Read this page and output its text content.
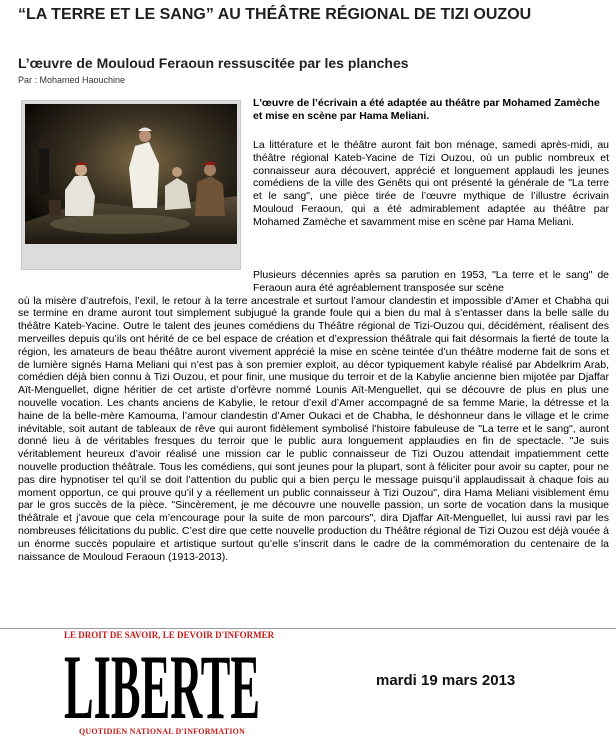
“LA TERRE ET LE SANG” AU THÉÂTRE RÉGIONAL DE TIZI OUZOU
L’œuvre de Mouloud Feraoun ressuscitée par les planches
Par : Mohamed Haouchine

L'œuvre de l’écrivain a été adaptée au théâtre par Mohamed Zamèche et mise en scène par Hama Meliani.

La littérature et le théâtre auront fait bon ménage, samedi après-midi, au théâtre régional Kateb-Yacine de Tizi Ouzou, où un public nombreux et connaisseur aura découvert, apprécié et longuement applaudi les jeunes comédiens de la ville des Genêts qui ont présenté la générale de "La terre et le sang", une pièce tirée de l’œuvre mythique de l’illustre écrivain Mouloud Feraoun, qui a été admirablement adaptée au théâtre par Mohamed Zamèche et savamment mise en scène par Hama Meliani.

Plusieurs décennies après sa parution en 1953, "La terre et le sang" de Feraoun aura été agréablement transposée sur scène
où la misère d’autrefois, l’exil, le retour à la terre ancestrale et surtout l’amour clandestin et impossible d’Amer et Chabha qui se termine en drame auront tout simplement subjugué la grande foule qui a bien du mal à s’entasser dans la belle salle du théâtre Kateb-Yacine. Outre le talent des jeunes comédiens du Théâtre régional de Tizi-Ouzou qui, décidément, réalisent des merveilles depuis qu’ils ont hérité de ce bel espace de création et d’expression théâtrale qui fait désormais la fierté de toute la région, les amateurs de beau théâtre auront vivement apprécié la mise en scène teintée d’un théâtre moderne fait de sons et de lumière signés Hama Meliani qui n’est pas à son premier exploit, au décor typiquement kabyle réalisé par Abdelkrim Arab, comédien déjà bien connu à Tizi Ouzou, et pour finir, une musique du terroir et de la Kabylie ancienne bien mijotée par Djaffar Aït-Menguellet, digne héritier de cet artiste d’orfèvre nommé Lounis Aït-Menguellet, qui se découvre de plus en plus une nouvelle vocation. Les chants anciens de Kabylie, le retour d’exil d’Amer accompagné de sa femme Marie, la détresse et la haine de la belle-mère Kamouma, l’amour clandestin d’Amer Oukaci et de Chabha, le déshonneur dans le village et le crime inévitable, soit autant de tableaux de rêve qui auront fidèlement symbolisé l’histoire fabuleuse de "La terre et le sang", auront donné lieu à de véritables fresques du terroir que le public aura longuement applaudies en fin de spectacle. "Je suis véritablement heureux d’avoir réalisé une mission car le public connaisseur de Tizi Ouzou attendait impatiemment cette nouvelle production théâtrale. Tous les comédiens, qui sont jeunes pour la plupart, sont à féliciter pour avoir su capter, pour ne pas dire hypnotiser tel qu’il se doit l’attention du public qui a bien perçu le message puisqu’il applaudissait à chaque fois au moment opportun, ce qui prouve qu’il y a réellement un public connaisseur à Tizi Ouzou", dira Hama Meliani visiblement ému par le gros succès de la pièce. "Sincèrement, je me découvre une nouvelle passion, un sorte de vocation dans la musique théâtrale et j’avoue que cela m’encourage pour la suite de mon parcours", dira Djaffar Aït-Menguellet, lui aussi ravi par les nombreuses félicitations du public. C’est dire que cette nouvelle production du Théâtre régional de Tizi Ouzou est déjà vouée à un énorme succès populaire et artistique surtout qu’elle s’inscrit dans le cadre de la commémoration du centenaire de la naissance de Mouloud Feraoun (1913-2013).

LE DROIT DE SAVOIR, LE DEVOIR D'INFORMER
LIBERTE
QUOTIDIEN NATIONAL D'INFORMATION
mardi 19 mars 2013
